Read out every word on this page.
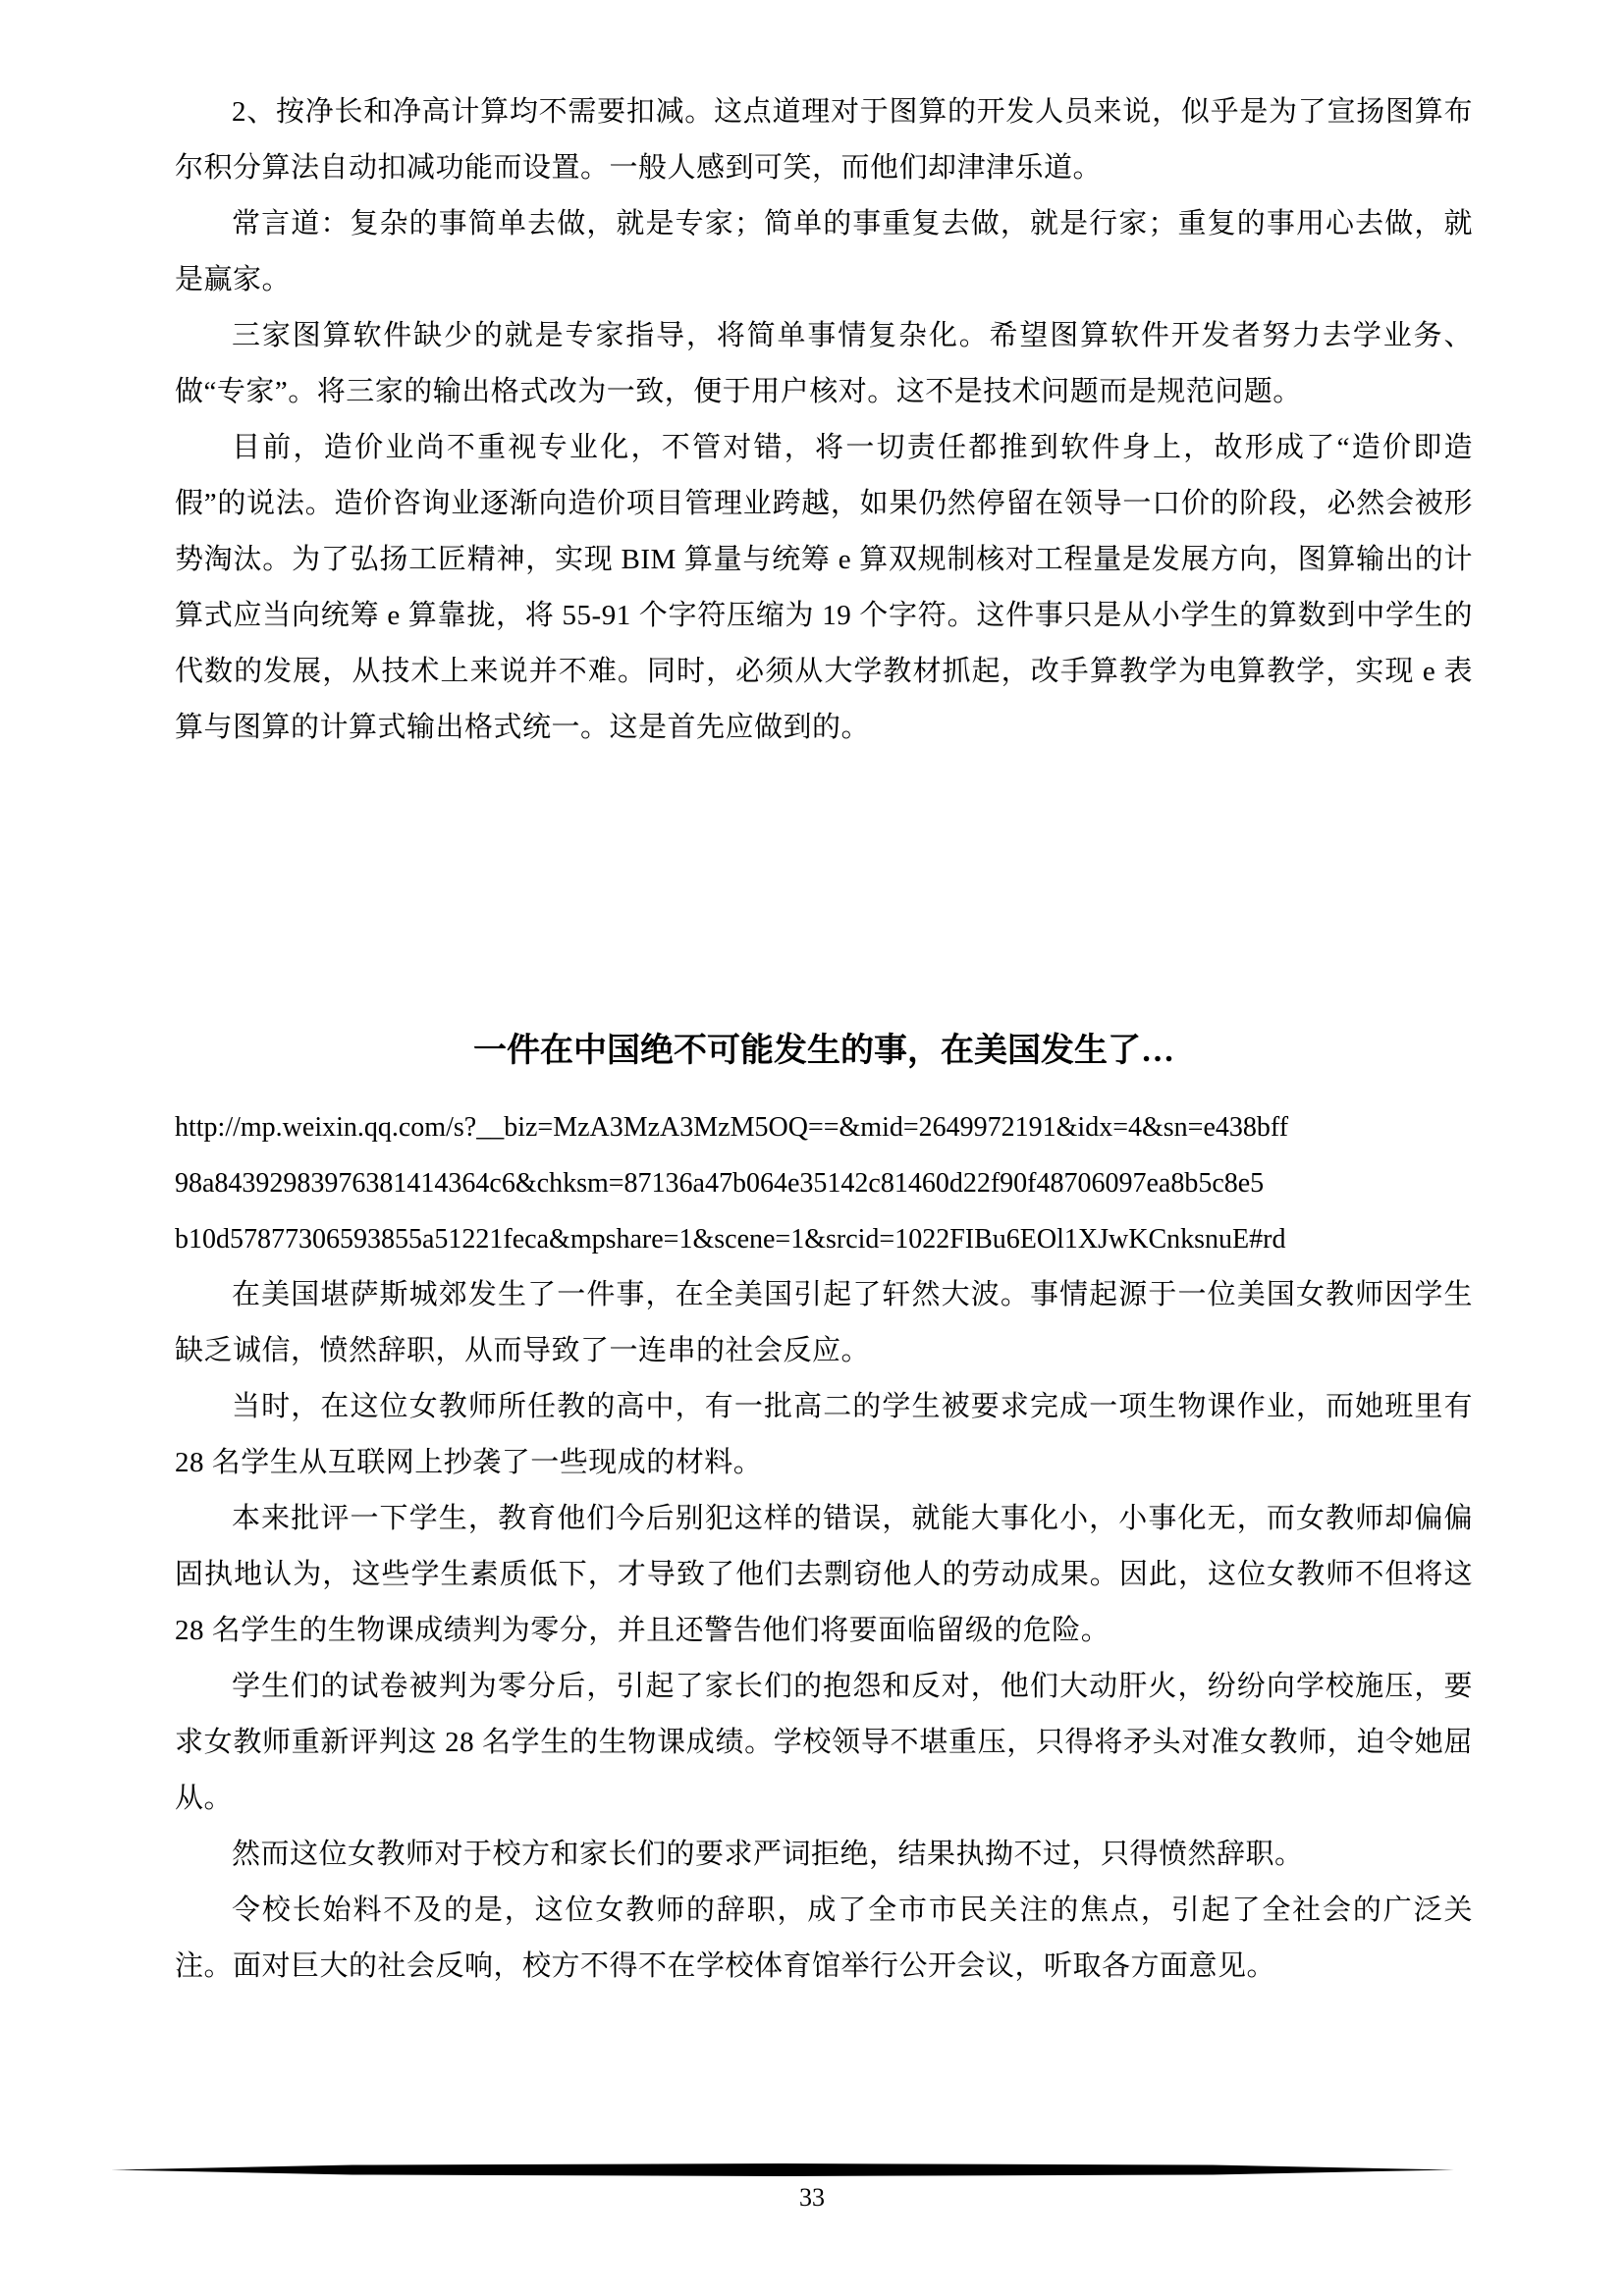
2、按净长和净高计算均不需要扣减。这点道理对于图算的开发人员来说，似乎是为了宣扬图算布尔积分算法自动扣减功能而设置。一般人感到可笑，而他们却津津乐道。

常言道：复杂的事简单去做，就是专家；简单的事重复去做，就是行家；重复的事用心去做，就是赢家。

三家图算软件缺少的就是专家指导，将简单事情复杂化。希望图算软件开发者努力去学业务、做“专家”。将三家的输出格式改为一致，便于用户核对。这不是技术问题而是规范问题。

目前，造价业尚不重视专业化，不管对错，将一切责任都推到软件身上，故形成了“造价即造假”的说法。造价咨询业逐渐向造价项目管理业跨越，如果仍然停留在领导一口价的阶段，必然会被形势淘汰。为了弘扬工匠精神，实现 BIM 算量与统筹 e 算双规制核对工程量是发展方向，图算输出的计算式应当向统筹 e 算靠拢，将 55-91 个字符压缩为 19 个字符。这件事只是从小学生的算数到中学生的代数的发展，从技术上来说并不难。同时，必须从大学教材抓起，改手算教学为电算教学，实现 e 表算与图算的计算式输出格式统一。这是首先应做到的。

一件在中国绝不可能发生的事，在美国发生了…
http://mp.weixin.qq.com/s?__biz=MzA3MzA3MzM5OQ==&mid=2649972191&idx=4&sn=e438bff
98a84392983976381414364c6&chksm=87136a47b064e35142c81460d22f90f48706097ea8b5c8e5
b10d57877306593855a51221feca&mpshare=1&scene=1&srcid=1022FIBu6EOl1XJwKCnksnuE#rd

在美国堪萨斯城郊发生了一件事，在全美国引起了轩然大波。事情起源于一位美国女教师因学生缺乏诚信，愤然辞职，从而导致了一连串的社会反应。

当时，在这位女教师所任教的高中，有一批高二的学生被要求完成一项生物课作业，而她班里有 28 名学生从互联网上抄袭了一些现成的材料。

本来批评一下学生，教育他们今后别犯这样的错误，就能大事化小，小事化无，而女教师却偏偏固执地认为，这些学生素质低下，才导致了他们去剽窃他人的劳动成果。因此，这位女教师不但将这 28 名学生的生物课成绩判为零分，并且还警告他们将要面临留级的危险。

学生们的试卷被判为零分后，引起了家长们的抱怨和反对，他们大动肝火，纷纷向学校施压，要求女教师重新评判这 28 名学生的生物课成绩。学校领导不堪重压，只得将矛头对准女教师，迫令她屈从。

然而这位女教师对于校方和家长们的要求严词拒绝，结果执拗不过，只得愤然辞职。

令校长始料不及的是，这位女教师的辞职，成了全市市民关注的焦点，引起了全社会的广泛关注。面对巨大的社会反响，校方不得不在学校体育馆举行公开会议，听取各方面意见。

33
